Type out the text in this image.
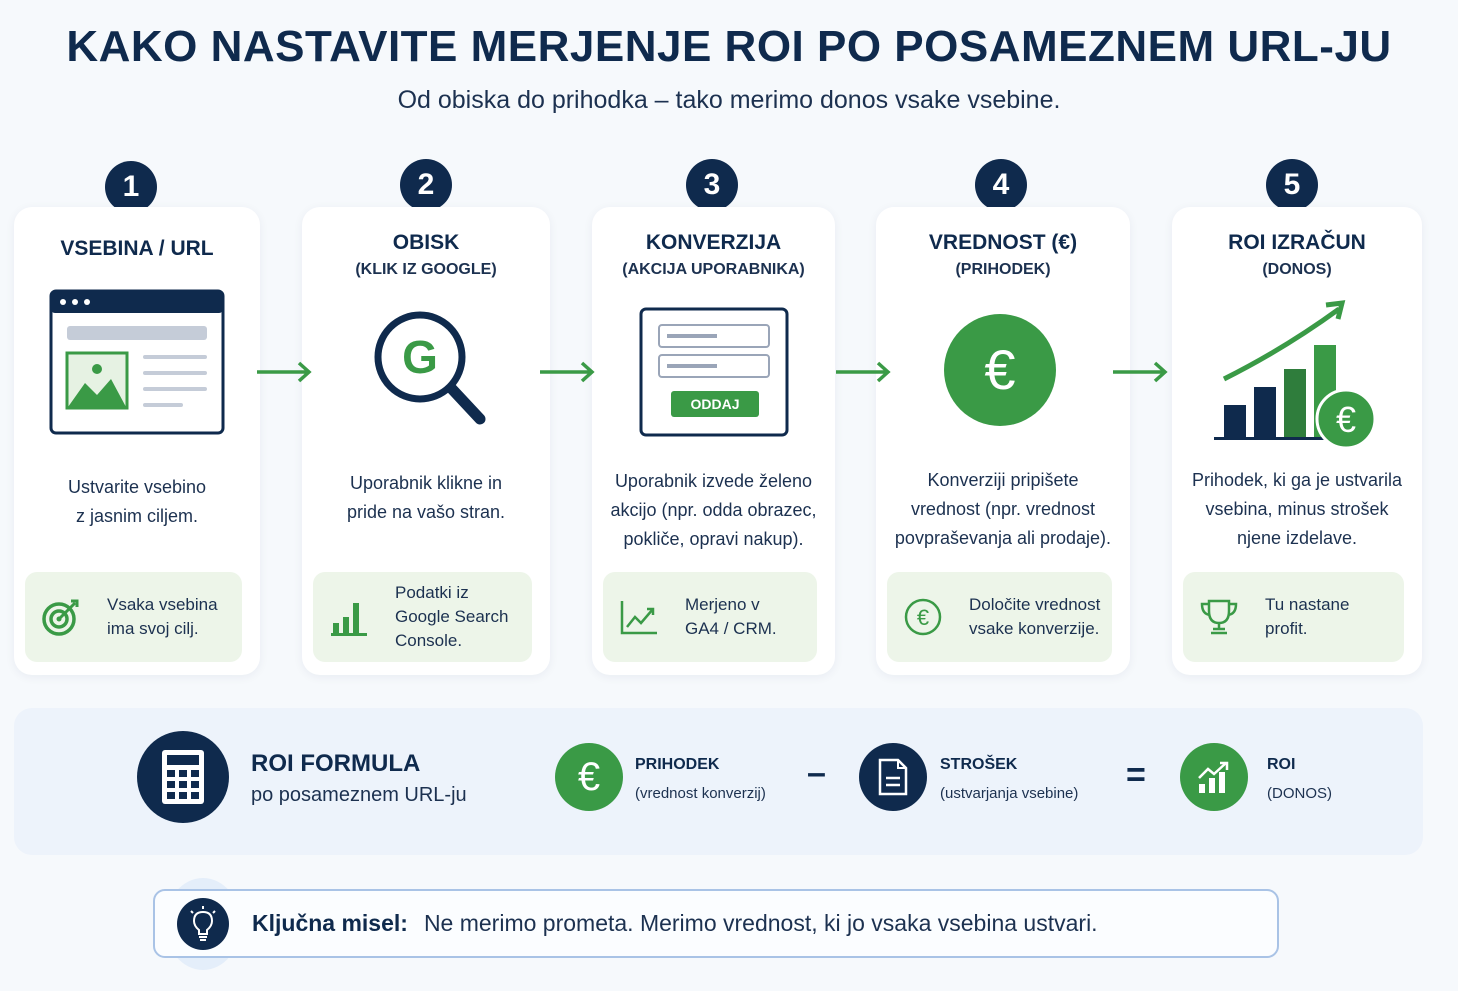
KAKO NASTAVITE MERJENJE ROI PO POSAMEZNEM URL-JU
Od obiska do prihodka – tako merimo donos vsake vsebine.
1	2	3	4	5
VSEBINA / URL
Ustvarite vsebino
z jasnim ciljem.
Vsaka vsebina
ima svoj cilj.
OBISK
(KLIK IZ GOOGLE)
G
Uporabnik klikne in
pride na vašo stran.
Podatki iz
Google Search
Console.
KONVERZIJA
(AKCIJA UPORABNIKA)
ODDAJ
Uporabnik izvede želeno
akcijo (npr. odda obrazec,
pokliče, opravi nakup).
Merjeno v
GA4 / CRM.
VREDNOST (€)
(PRIHODEK)
€
Konverziji pripišete
vrednost (npr. vrednost
povpraševanja ali prodaje).
€
Določite vrednost
vsake konverzije.
ROI IZRAČUN
(DONOS)
€
Prihodek, ki ga je ustvarila
vsebina, minus strošek
njene izdelave.
Tu nastane
profit.
ROI FORMULA
po posameznem URL-ju	€	PRIHODEK
(vrednost konverzij)
–	STROŠEK
(ustvarjanja vsebine) =	ROI
(DONOS)
Ključna misel: Ne merimo prometa. Merimo vrednost, ki jo vsaka vsebina ustvari.
